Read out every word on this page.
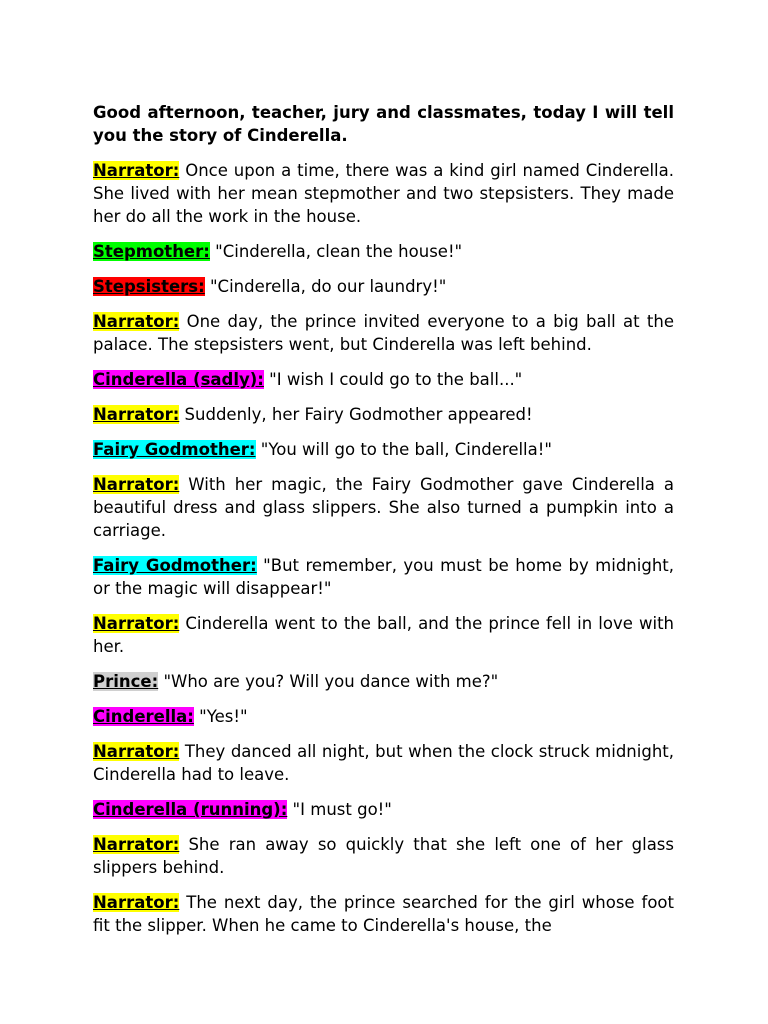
Good afternoon, teacher, jury and classmates, today I will tell you the story of Cinderella.

Narrator: Once upon a time, there was a kind girl named Cinderella. She lived with her mean stepmother and two stepsisters. They made her do all the work in the house.

Stepmother: "Cinderella, clean the house!"

Stepsisters: "Cinderella, do our laundry!"

Narrator: One day, the prince invited everyone to a big ball at the palace. The stepsisters went, but Cinderella was left behind.

Cinderella (sadly): "I wish I could go to the ball..."

Narrator: Suddenly, her Fairy Godmother appeared!

Fairy Godmother: "You will go to the ball, Cinderella!"

Narrator: With her magic, the Fairy Godmother gave Cinderella a beautiful dress and glass slippers. She also turned a pumpkin into a carriage.

Fairy Godmother: "But remember, you must be home by midnight, or the magic will disappear!"

Narrator: Cinderella went to the ball, and the prince fell in love with her.

Prince: "Who are you? Will you dance with me?"

Cinderella: "Yes!"

Narrator: They danced all night, but when the clock struck midnight, Cinderella had to leave.

Cinderella (running): "I must go!"

Narrator: She ran away so quickly that she left one of her glass slippers behind.

Narrator: The next day, the prince searched for the girl whose foot fit the slipper. When he came to Cinderella's house, the
